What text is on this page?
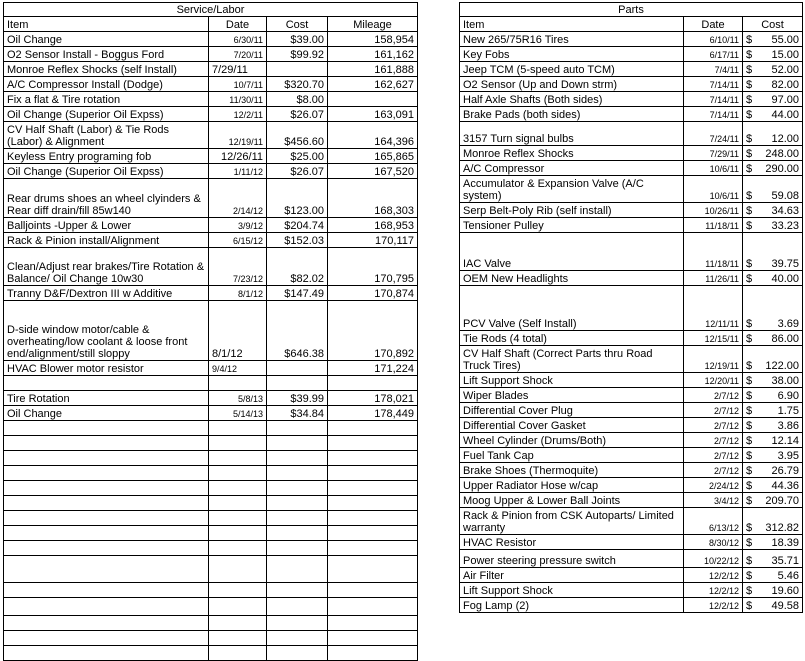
Service/Labor			
Item	Date	Cost	Mileage
Oil Change	6/30/11	$39.00	158,954
O2 Sensor Install - Boggus Ford	7/20/11	$99.92	161,162
Monroe Reflex Shocks (self Install)	7/29/11		161,888
A/C Compressor Install (Dodge)	10/7/11	$320.70	162,627
Fix a flat & Tire rotation	11/30/11	$8.00	
Oil Change (Superior Oil Expss)	12/2/11	$26.07	163,091
CV Half Shaft (Labor) & Tie Rods (Labor) & Alignment	12/19/11	$456.60	164,396
Keyless Entry programing fob	12/26/11	$25.00	165,865
Oil Change (Superior Oil Expss)	1/11/12	$26.07	167,520
Rear drums shoes an wheel clyinders & Rear diff drain/fill 85w140	2/14/12	$123.00	168,303
Balljoints -Upper & Lower	3/9/12	$204.74	168,953
Rack & Pinion install/Alignment	6/15/12	$152.03	170,117
Clean/Adjust rear brakes/Tire Rotation & Balance/ Oil Change 10w30	7/23/12	$82.02	170,795
Tranny D&F/Dextron III w Additive	8/1/12	$147.49	170,874
D-side window motor/cable & overheating/low coolant & loose front end/alignment/still sloppy	8/1/12	$646.38	170,892
HVAC Blower motor resistor	9/4/12		171,224

Tire Rotation	5/8/13	$39.99	178,021
Oil Change	5/14/13	$34.84	178,449

Parts		
Item	Date	Cost
New 265/75R16 Tires	6/10/11	$ 55.00

Key Fobs	6/17/11	$ 15.00

Jeep TCM (5-speed auto TCM)	7/4/11	$ 52.00

O2 Sensor (Up and Down strm)	7/14/11	$ 82.00

Half Axle Shafts (Both sides)	7/14/11	$ 97.00

Brake Pads (both sides)	7/14/11	$ 44.00

3157 Turn signal bulbs	7/24/11	$ 12.00

Monroe Reflex Shocks	7/29/11	$ 248.00

A/C Compressor	10/6/11	$ 290.00

Accumulator & Expansion Valve (A/C system)	10/6/11	$ 59.08

Serp Belt-Poly Rib (self install)	10/26/11	$ 34.63

Tensioner Pulley	11/18/11	$ 33.23

IAC Valve	11/18/11	$ 39.75

OEM New Headlights	11/26/11	$ 40.00

PCV Valve (Self Install)	12/11/11	$ 3.69

Tie Rods (4 total)	12/15/11	$ 86.00

CV Half Shaft (Correct Parts thru Road Truck Tires)	12/19/11	$ 122.00

Lift Support Shock	12/20/11	$ 38.00

Wiper Blades	2/7/12	$ 6.90

Differential Cover Plug	2/7/12	$ 1.75

Differential Cover Gasket	2/7/12	$ 3.86

Wheel Cylinder (Drums/Both)	2/7/12	$ 12.14

Fuel Tank Cap	2/7/12	$ 3.95

Brake Shoes (Thermoquite)	2/7/12	$ 26.79

Upper Radiator Hose w/cap	2/24/12	$ 44.36

Moog Upper & Lower Ball Joints	3/4/12	$ 209.70

Rack & Pinion from CSK Autoparts/ Limited warranty	6/13/12	$ 312.82

HVAC Resistor	8/30/12	$ 18.39

Power steering pressure switch	10/22/12	$ 35.71

Air Filter	12/2/12	$ 5.46

Lift Support Shock	12/2/12	$ 19.60

Fog Lamp (2)	12/2/12	$ 49.58
